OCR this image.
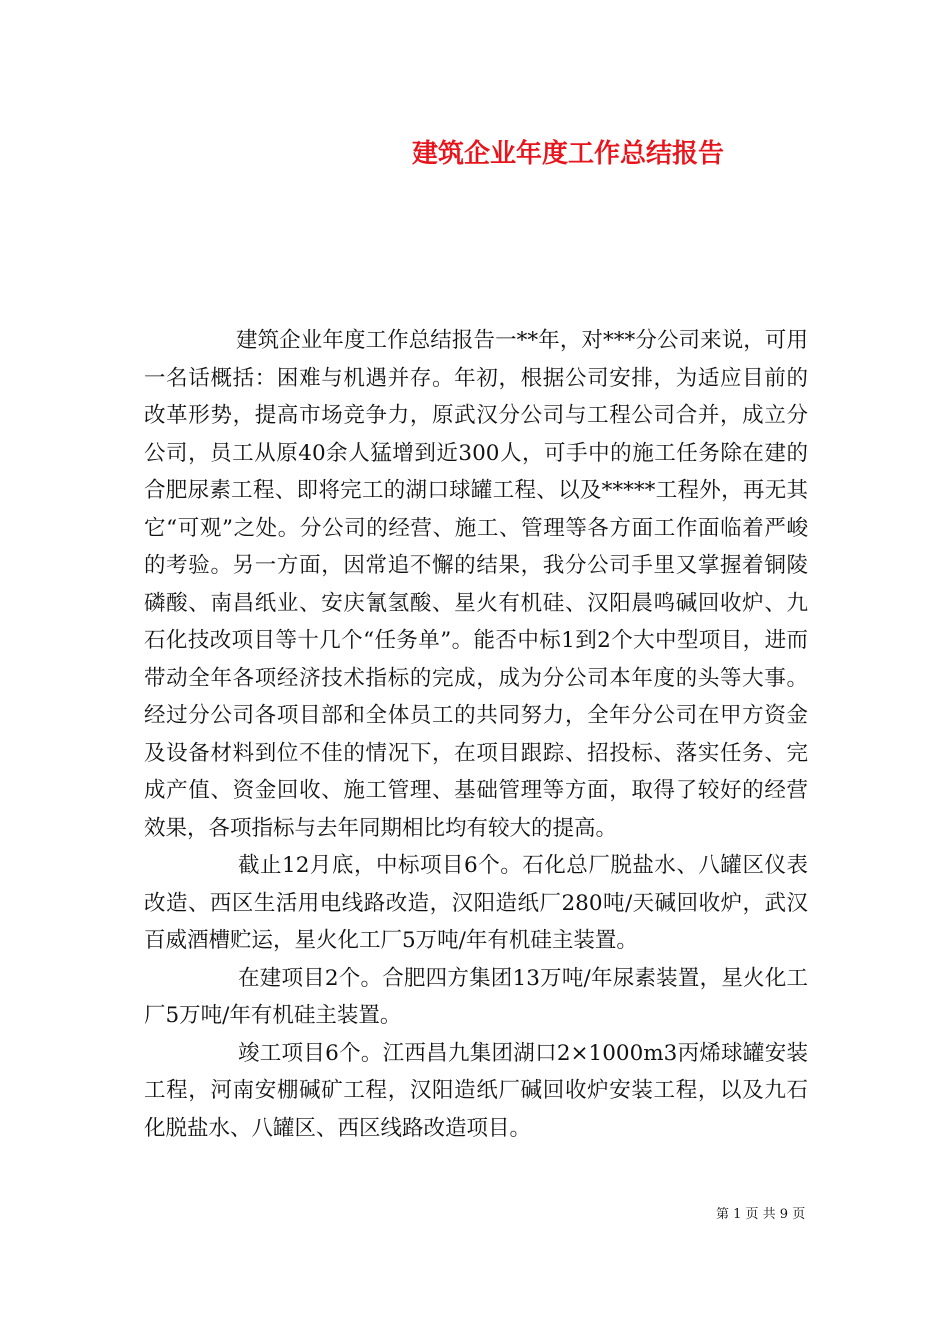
建筑企业年度工作总结报告

建筑企业年度工作总结报告一**年，对***分公司来说，可用一名话概括：困难与机遇并存。年初，根据公司安排，为适应目前的改革形势，提高市场竞争力，原武汉分公司与工程公司合并，成立分公司，员工从原40余人猛增到近300人，可手中的施工任务除在建的合肥尿素工程、即将完工的湖口球罐工程、以及*****工程外，再无其它“可观”之处。分公司的经营、施工、管理等各方面工作面临着严峻的考验。另一方面，因常追不懈的结果，我分公司手里又掌握着铜陵磷酸、南昌纸业、安庆氰氢酸、星火有机硅、汉阳晨鸣碱回收炉、九石化技改项目等十几个“任务单”。能否中标1到2个大中型项目，进而带动全年各项经济技术指标的完成，成为分公司本年度的头等大事。经过分公司各项目部和全体员工的共同努力，全年分公司在甲方资金及设备材料到位不佳的情况下，在项目跟踪、招投标、落实任务、完成产值、资金回收、施工管理、基础管理等方面，取得了较好的经营效果，各项指标与去年同期相比均有较大的提高。

截止12月底，中标项目6个。石化总厂脱盐水、八罐区仪表改造、西区生活用电线路改造，汉阳造纸厂280吨/天碱回收炉，武汉百威酒槽贮运，星火化工厂5万吨/年有机硅主装置。

在建项目2个。合肥四方集团13万吨/年尿素装置，星火化工厂5万吨/年有机硅主装置。

竣工项目6个。江西昌九集团湖口2×1000m3丙烯球罐安装工程，河南安棚碱矿工程，汉阳造纸厂碱回收炉安装工程，以及九石化脱盐水、八罐区、西区线路改造项目。

第 1 页 共 9 页
